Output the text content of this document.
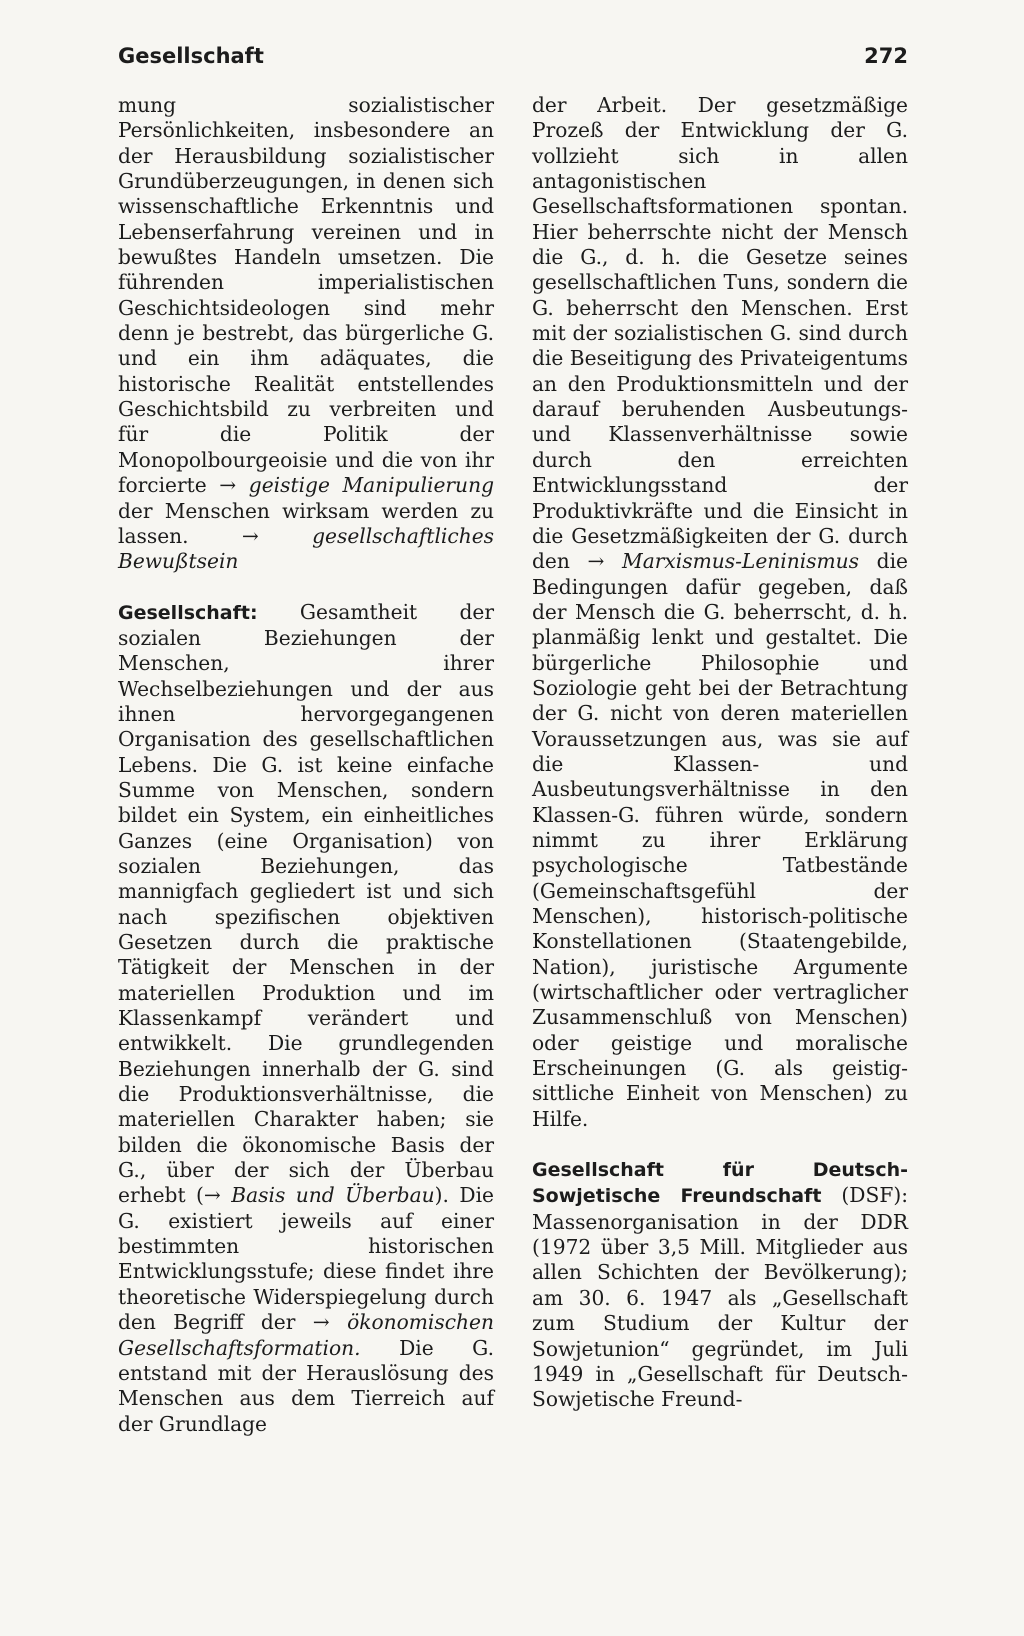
Gesellschaft	272

mung sozialistischer Persönlichkeiten, insbesondere an der Herausbildung sozialistischer Grundüberzeugungen, in denen sich wissenschaftliche Erkenntnis und Lebenserfahrung vereinen und in bewußtes Handeln umsetzen. Die führenden imperialistischen Geschichtsideologen sind mehr denn je bestrebt, das bürgerliche G. und ein ihm adäquates, die historische Realität entstellendes Geschichtsbild zu verbreiten und für die Politik der Monopolbourgeoisie und die von ihr forcierte → geistige Manipulierung der Menschen wirksam werden zu lassen. → gesellschaftliches Bewußtsein

Gesellschaft: Gesamtheit der sozialen Beziehungen der Menschen, ihrer Wechselbeziehungen und der aus ihnen hervorgegangenen Organisation des gesellschaftlichen Lebens. Die G. ist keine einfache Summe von Menschen, sondern bildet ein System, ein einheitliches Ganzes (eine Organisation) von sozialen Beziehungen, das mannigfach gegliedert ist und sich nach spezifischen objektiven Gesetzen durch die praktische Tätigkeit der Menschen in der materiellen Produktion und im Klassenkampf verändert und entwikkelt. Die grundlegenden Beziehungen innerhalb der G. sind die Produktionsverhältnisse, die materiellen Charakter haben; sie bilden die ökonomische Basis der G., über der sich der Überbau erhebt (→ Basis und Überbau). Die G. existiert jeweils auf einer bestimmten historischen Entwicklungsstufe; diese findet ihre theoretische Widerspiegelung durch den Begriff der → ökonomischen Gesellschaftsformation. Die G. entstand mit der Herauslösung des Menschen aus dem Tierreich auf der Grundlage

der Arbeit. Der gesetzmäßige Prozeß der Entwicklung der G. vollzieht sich in allen antagonistischen Gesellschaftsformationen spontan. Hier beherrschte nicht der Mensch die G., d. h. die Gesetze seines gesellschaftlichen Tuns, sondern die G. beherrscht den Menschen. Erst mit der sozialistischen G. sind durch die Beseitigung des Privateigentums an den Produktionsmitteln und der darauf beruhenden Ausbeutungs- und Klassenverhältnisse sowie durch den erreichten Entwicklungsstand der Produktivkräfte und die Einsicht in die Gesetzmäßigkeiten der G. durch den → Marxismus-Leninismus die Bedingungen dafür gegeben, daß der Mensch die G. beherrscht, d. h. planmäßig lenkt und gestaltet. Die bürgerliche Philosophie und Soziologie geht bei der Betrachtung der G. nicht von deren materiellen Voraussetzungen aus, was sie auf die Klassen- und Ausbeutungsverhältnisse in den Klassen-G. führen würde, sondern nimmt zu ihrer Erklärung psychologische Tatbestände (Gemeinschaftsgefühl der Menschen), historisch-politische Konstellationen (Staatengebilde, Nation), juristische Argumente (wirtschaftlicher oder vertraglicher Zusammenschluß von Menschen) oder geistige und moralische Erscheinungen (G. als geistig-sittliche Einheit von Menschen) zu Hilfe.

Gesellschaft für Deutsch-Sowjetische Freundschaft (DSF): Massenorganisation in der DDR (1972 über 3,5 Mill. Mitglieder aus allen Schichten der Bevölkerung); am 30. 6. 1947 als „Gesellschaft zum Studium der Kultur der Sowjetunion“ gegründet, im Juli 1949 in „Gesellschaft für Deutsch-Sowjetische Freund-
